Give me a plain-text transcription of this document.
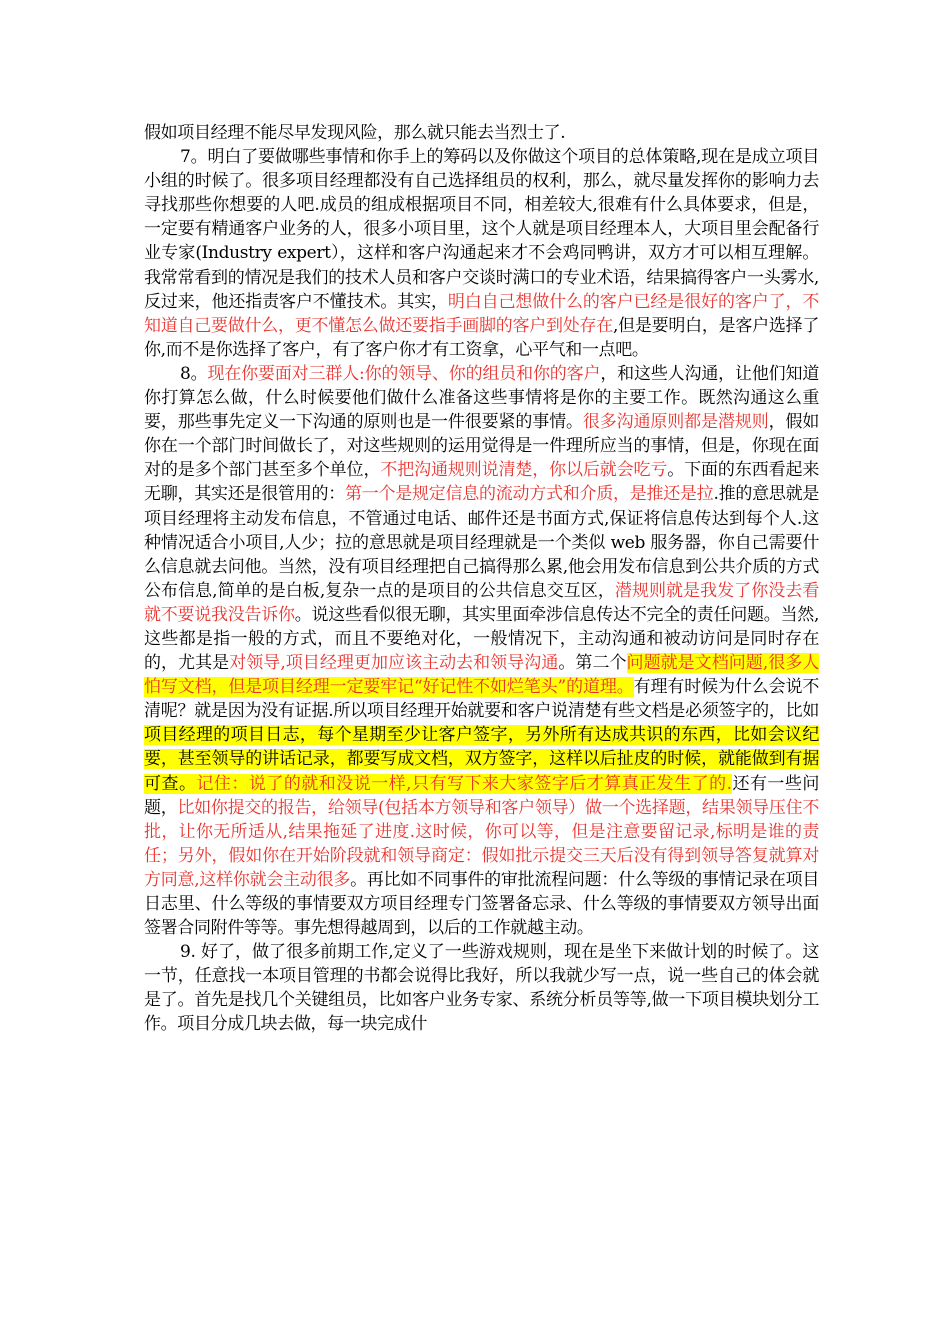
假如项目经理不能尽早发现风险，那么就只能去当烈士了.

7。明白了要做哪些事情和你手上的筹码以及你做这个项目的总体策略,现在是成立项目小组的时候了。很多项目经理都没有自己选择组员的权利，那么，就尽量发挥你的影响力去寻找那些你想要的人吧.成员的组成根据项目不同，相差较大,很难有什么具体要求，但是，一定要有精通客户业务的人，很多小项目里，这个人就是项目经理本人，大项目里会配备行业专家(Industry expert），这样和客户沟通起来才不会鸡同鸭讲，双方才可以相互理解。我常常看到的情况是我们的技术人员和客户交谈时满口的专业术语，结果搞得客户一头雾水,反过来，他还指责客户不懂技术。其实，明白自己想做什么的客户已经是很好的客户了，不知道自己要做什么，更不懂怎么做还要指手画脚的客户到处存在,但是要明白，是客户选择了你,而不是你选择了客户，有了客户你才有工资拿，心平气和一点吧。

8。现在你要面对三群人:你的领导、你的组员和你的客户，和这些人沟通，让他们知道你打算怎么做，什么时候要他们做什么准备这些事情将是你的主要工作。既然沟通这么重要，那些事先定义一下沟通的原则也是一件很要紧的事情。很多沟通原则都是潜规则，假如你在一个部门时间做长了，对这些规则的运用觉得是一件理所应当的事情，但是，你现在面对的是多个部门甚至多个单位，不把沟通规则说清楚，你以后就会吃亏。下面的东西看起来无聊，其实还是很管用的：第一个是规定信息的流动方式和介质，是推还是拉.推的意思就是项目经理将主动发布信息，不管通过电话、邮件还是书面方式,保证将信息传达到每个人.这种情况适合小项目,人少；拉的意思就是项目经理就是一个类似 web 服务器，你自己需要什么信息就去问他。当然，没有项目经理把自己搞得那么累,他会用发布信息到公共介质的方式公布信息,简单的是白板,复杂一点的是项目的公共信息交互区，潜规则就是我发了你没去看就不要说我没告诉你。说这些看似很无聊，其实里面牵涉信息传达不完全的责任问题。当然,这些都是指一般的方式，而且不要绝对化，一般情况下，主动沟通和被动访问是同时存在的，尤其是对领导,项目经理更加应该主动去和领导沟通。第二个问题就是文档问题,很多人怕写文档，但是项目经理一定要牢记“好记性不如烂笔头”的道理。有理有时候为什么会说不清呢？就是因为没有证据.所以项目经理开始就要和客户说清楚有些文档是必须签字的，比如项目经理的项目日志，每个星期至少让客户签字，另外所有达成共识的东西，比如会议纪要，甚至领导的讲话记录，都要写成文档，双方签字，这样以后扯皮的时候，就能做到有据可查。记住：说了的就和没说一样,只有写下来大家签字后才算真正发生了的.还有一些问题，比如你提交的报告，给领导(包括本方领导和客户领导）做一个选择题，结果领导压住不批，让你无所适从,结果拖延了进度.这时候，你可以等，但是注意要留记录,标明是谁的责任；另外，假如你在开始阶段就和领导商定：假如批示提交三天后没有得到领导答复就算对方同意,这样你就会主动很多。再比如不同事件的审批流程问题：什么等级的事情记录在项目日志里、什么等级的事情要双方项目经理专门签署备忘录、什么等级的事情要双方领导出面签署合同附件等等。事先想得越周到，以后的工作就越主动。

9. 好了，做了很多前期工作,定义了一些游戏规则，现在是坐下来做计划的时候了。这一节，任意找一本项目管理的书都会说得比我好，所以我就少写一点，说一些自己的体会就是了。首先是找几个关键组员，比如客户业务专家、系统分析员等等,做一下项目模块划分工作。项目分成几块去做，每一块完成什
